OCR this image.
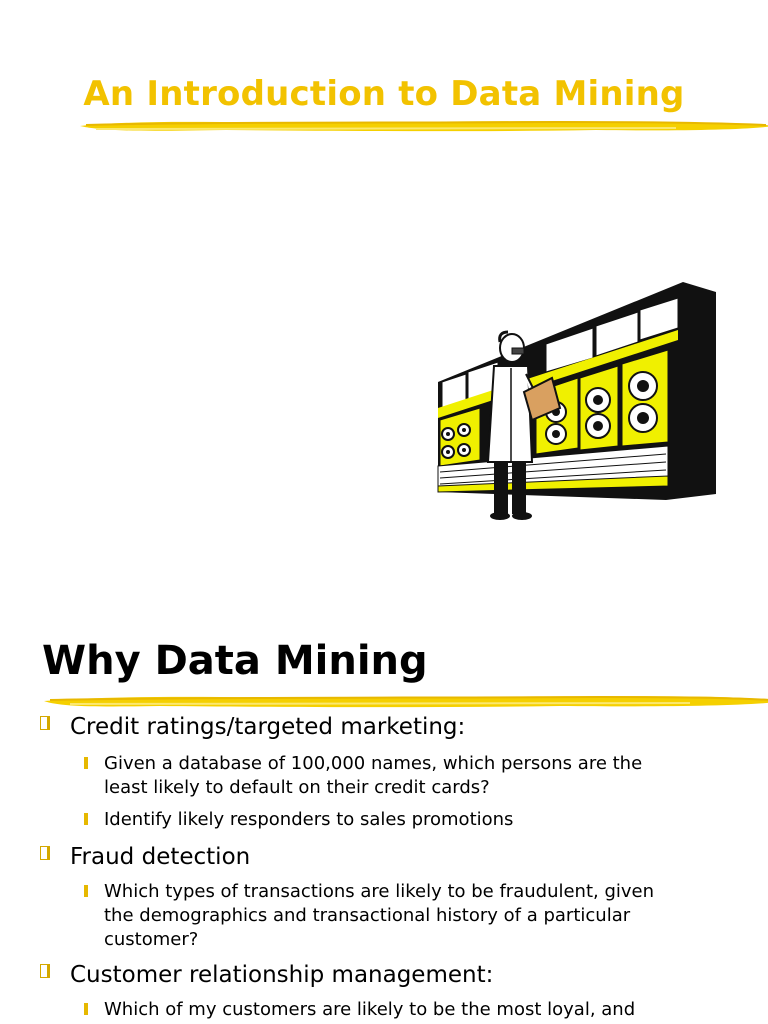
An Introduction to Data Mining
Why Data Mining
Credit ratings/targeted marketing:
Given a database of 100,000 names, which persons are the
least likely to default on their credit cards?
Identify likely responders to sales promotions
Fraud detection
Which types of transactions are likely to be fraudulent, given
the demographics and transactional history of a particular
customer?
Customer relationship management:
Which of my customers are likely to be the most loyal, and
